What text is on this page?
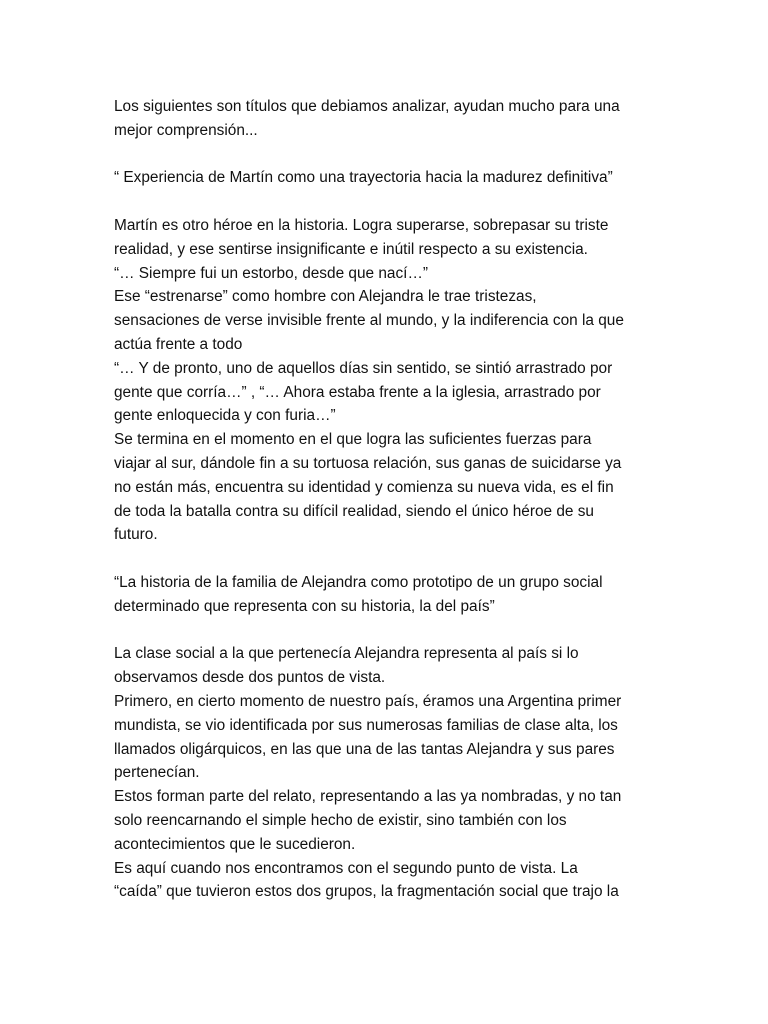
Los siguientes son títulos que debiamos analizar, ayudan mucho para una
mejor comprensión...
“ Experiencia de Martín como una trayectoria hacia la madurez definitiva”
Martín es otro héroe en la historia. Logra superarse, sobrepasar su triste
realidad, y ese sentirse insignificante e inútil respecto a su existencia.
“… Siempre fui un estorbo, desde que nací…”
Ese “estrenarse” como hombre con Alejandra le trae tristezas,
sensaciones de verse invisible frente al mundo, y la indiferencia con la que
actúa frente a todo
“… Y de pronto, uno de aquellos días sin sentido, se sintió arrastrado por
gente que corría…” , “… Ahora estaba frente a la iglesia, arrastrado por
gente enloquecida y con furia…”
Se termina en el momento en el que logra las suficientes fuerzas para
viajar al sur, dándole fin a su tortuosa relación, sus ganas de suicidarse ya
no están más, encuentra su identidad y comienza su nueva vida, es el fin
de toda la batalla contra su difícil realidad, siendo el único héroe de su
futuro.
“La historia de la familia de Alejandra como prototipo de un grupo social
determinado que representa con su historia, la del país”
La clase social a la que pertenecía Alejandra representa al país si lo
observamos desde dos puntos de vista.
Primero, en cierto momento de nuestro país, éramos una Argentina primer
mundista, se vio identificada por sus numerosas familias de clase alta, los
llamados oligárquicos, en las que una de las tantas Alejandra y sus pares
pertenecían.
Estos forman parte del relato, representando a las ya nombradas, y no tan
solo reencarnando el simple hecho de existir, sino también con los
acontecimientos que le sucedieron.
Es aquí cuando nos encontramos con el segundo punto de vista. La
“caída” que tuvieron estos dos grupos, la fragmentación social que trajo la
